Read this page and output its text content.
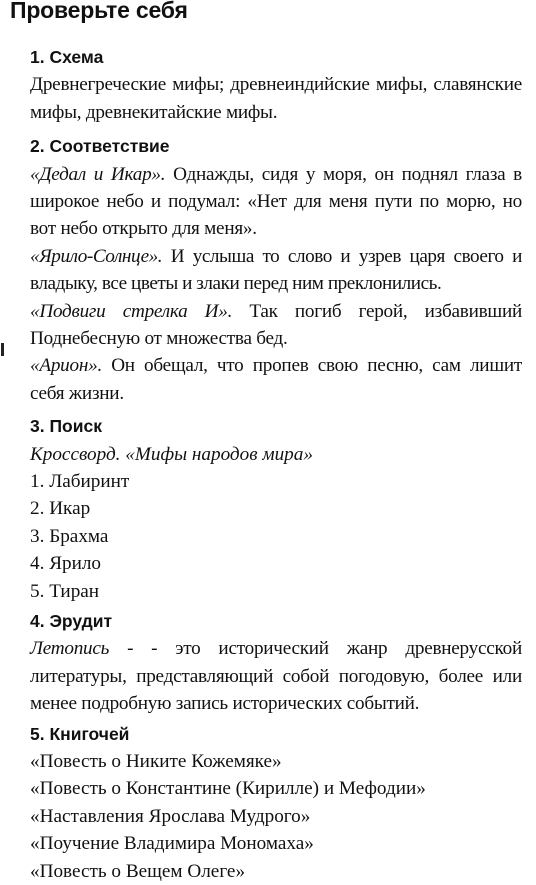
Проверьте себя
1. Схема
Древнегреческие мифы; древнеиндийские мифы, славянские мифы, древнекитайские мифы.
2. Соответствие
«Дедал и Икар». Однажды, сидя у моря, он поднял глаза в широкое небо и подумал: «Нет для меня пути по морю, но вот небо открыто для меня».
«Ярило-Солнце». И услыша то слово и узрев царя своего и владыку, все цветы и злаки перед ним преклонились.
«Подвиги стрелка И». Так погиб герой, избавивший Поднебесную от множества бед.
«Арион». Он обещал, что пропев свою песню, сам лишит себя жизни.
3. Поиск
Кроссворд. «Мифы народов мира»
1. Лабиринт
2. Икар
3. Брахма
4. Ярило
5. Тиран
4. Эрудит
Летопись - - это исторический жанр древнерусской литературы, представляющий собой погодовую, более или менее подробную запись исторических событий.
5. Книгочей
«Повесть о Никите Кожемяке»
«Повесть о Константине (Кирилле) и Мефодии»
«Наставления Ярослава Мудрого»
«Поучение Владимира Мономаха»
«Повесть о Вещем Олеге»
